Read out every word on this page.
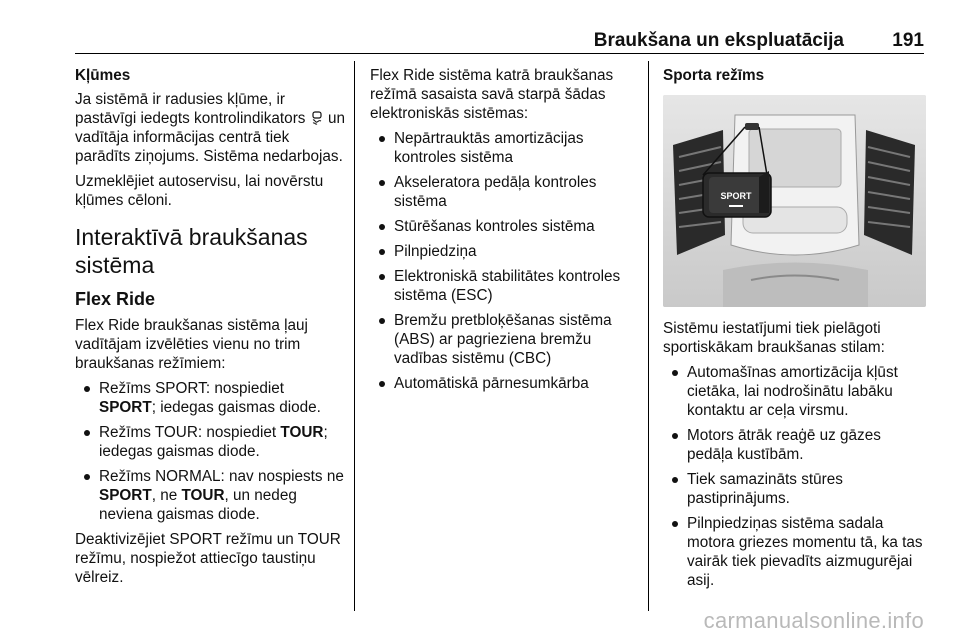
Braukšana un ekspluatācija	191
Kļūmes

Ja sistēmā ir radusies kļūme, ir pastāvīgi iedegts kontrolindikators un vadītāja informācijas centrā tiek parādīts ziņojums. Sistēma nedarbojas.

Uzmeklējiet autoservisu, lai novērstu kļūmes cēloni.

Interaktīvā braukšanas sistēma
Flex Ride

Flex Ride braukšanas sistēma ļauj vadītājam izvēlēties vienu no trim braukšanas režīmiem:

Režīms SPORT: nospiediet SPORT; iedegas gaismas diode.
Režīms TOUR: nospiediet TOUR; iedegas gaismas diode.
Režīms NORMAL: nav nospiests ne SPORT, ne TOUR, un nedeg neviena gaismas diode.

Deaktivizējiet SPORT režīmu un TOUR režīmu, nospiežot attiecīgo taustiņu vēlreiz.

Flex Ride sistēma katrā braukšanas režīmā sasaista savā starpā šādas elektroniskās sistēmas:

Nepārtrauktās amortizācijas kontroles sistēma
Akseleratora pedāļa kontroles sistēma
Stūrēšanas kontroles sistēma
Pilnpiedziņa
Elektroniskā stabilitātes kontroles sistēma (ESC)
Bremžu pretbloķēšanas sistēma (ABS) ar pagrieziena bremžu vadības sistēmu (CBC)
Automātiskā pārnesumkārba
Sporta režīms
SPORT

Sistēmu iestatījumi tiek pielāgoti sportiskākam braukšanas stilam:

Automašīnas amortizācija kļūst cietāka, lai nodrošinātu labāku kontaktu ar ceļa virsmu.
Motors ātrāk reaģē uz gāzes pedāļa kustībām.
Tiek samazināts stūres pastiprinājums.
Pilnpiedziņas sistēma sadala motora griezes momentu tā, ka tas vairāk tiek pievadīts aizmugurējai asij.
carmanualsonline.info
